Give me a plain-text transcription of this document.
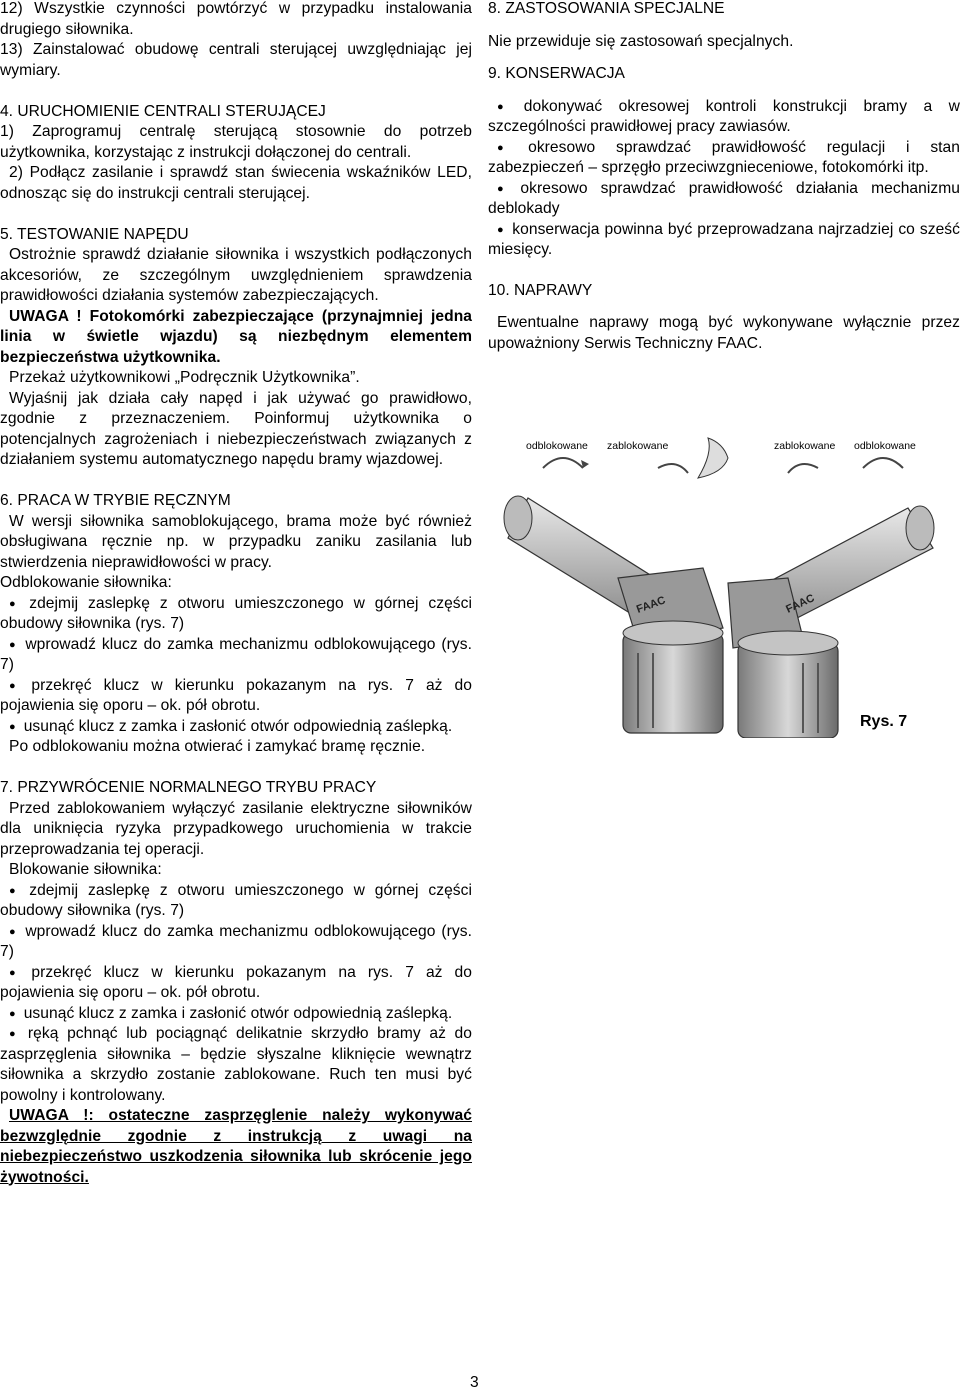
12) Wszystkie czynności powtórzyć w przypadku instalowania drugiego siłownika.

13) Zainstalować obudowę centrali sterującej uwzględniając jej wymiary.

4. URUCHOMIENIE CENTRALI STERUJĄCEJ

1) Zaprogramuj centralę sterującą stosownie do potrzeb użytkownika, korzystając z instrukcji dołączonej do centrali.

2) Podłącz zasilanie i sprawdź stan świecenia wskaźników LED, odnosząc się do instrukcji centrali sterującej.

5. TESTOWANIE NAPĘDU

Ostrożnie sprawdź działanie siłownika i wszystkich podłączonych akcesoriów, ze szczególnym uwzględnieniem sprawdzenia prawidłowości działania systemów zabezpieczających.

UWAGA ! Fotokomórki zabezpieczające (przynajmniej jedna linia w świetle wjazdu) są niezbędnym elementem bezpieczeństwa użytkownika.

Przekaż użytkownikowi „Podręcznik Użytkownika”.

Wyjaśnij jak działa cały napęd i jak używać go prawidłowo, zgodnie z przeznaczeniem. Poinformuj użytkownika o potencjalnych zagrożeniach i niebezpieczeństwach związanych z działaniem systemu automatycznego napędu bramy wjazdowej.

6. PRACA W TRYBIE RĘCZNYM

W wersji siłownika samoblokującego, brama może być również obsługiwana ręcznie np. w przypadku zaniku zasilania lub stwierdzenia nieprawidłowości w pracy.

Odblokowanie siłownika:

● zdejmij zaslepkę z otworu umieszczonego w górnej części obudowy siłownika (rys. 7)

● wprowadź klucz do zamka mechanizmu odblokowującego (rys. 7)

● przekręć klucz w kierunku pokazanym na rys. 7 aż do pojawienia się oporu – ok. pół obrotu.

● usunąć klucz z zamka i zasłonić otwór odpowiednią zaślepką.

Po odblokowaniu można otwierać i zamykać bramę ręcznie.

7. PRZYWRÓCENIE NORMALNEGO TRYBU PRACY

Przed zablokowaniem wyłączyć zasilanie elektryczne siłowników dla uniknięcia ryzyka przypadkowego uruchomienia w trakcie przeprowadzania tej operacji.

Blokowanie siłownika:

● zdejmij zaslepkę z otworu umieszczonego w górnej części obudowy siłownika (rys. 7)

● wprowadź klucz do zamka mechanizmu odblokowującego (rys. 7)

● przekręć klucz w kierunku pokazanym na rys. 7 aż do pojawienia się oporu – ok. pół obrotu.

● usunąć klucz z zamka i zasłonić otwór odpowiednią zaślepką.

● ręką pchnąć lub pociągnąć delikatnie skrzydło bramy aż do zasprzęglenia siłownika – będzie słyszalne kliknięcie wewnątrz siłownika a skrzydło zostanie zablokowane. Ruch ten musi być powolny i kontrolowany.

UWAGA !: ostateczne zasprzęglenie należy wykonywać bezwzględnie zgodnie z instrukcją z uwagi na niebezpieczeństwo uszkodzenia siłownika lub skrócenie jego żywotności.

8. ZASTOSOWANIA SPECJALNE

Nie przewiduje się zastosowań specjalnych.

9. KONSERWACJA

● dokonywać okresowej kontroli konstrukcji bramy a w szczególności prawidłowej pracy zawiasów.

● okresowo sprawdzać prawidłowość regulacji i stan zabezpieczeń – sprzęgło przeciwzgnieceniowe, fotokomórki itp.

● okresowo sprawdzać prawidłowość działania mechanizmu deblokady

● konserwacja powinna być przeprowadzana najrzadziej co sześć miesięcy.

10. NAPRAWY

Ewentualne naprawy mogą być wykonywane wyłącznie przez upoważniony Serwis Techniczny FAAC.

odblokowane zablokowane	zablokowane odblokowane
FAAC	FAAC
Rys. 7
3
